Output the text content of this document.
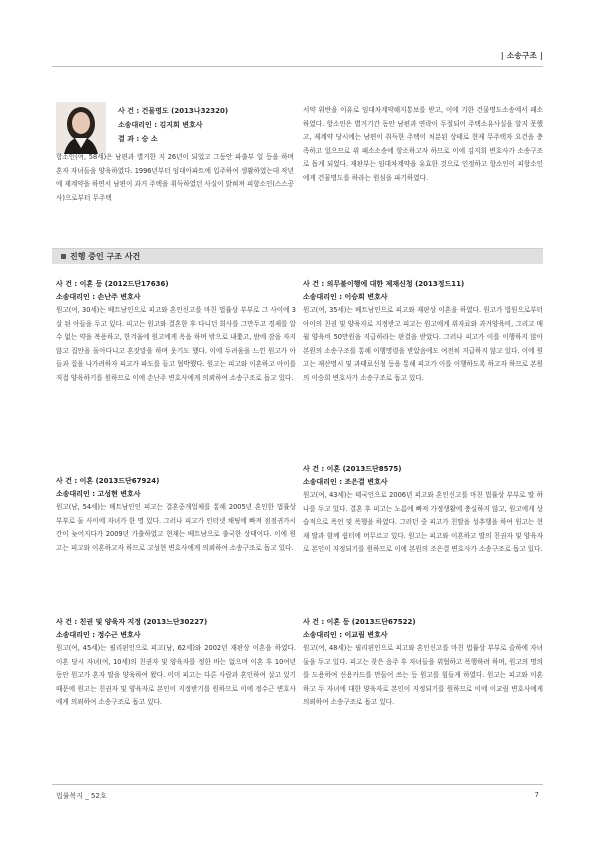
| 소송구조 |
사 건 : 건물명도 (2013나32320)
소송대리인 : 김지희 변호사
결 과 : 승 소
항소인(여, 58세)은 남편과 별거한 지 26년이 되었고 그동안 파출부 일 등을 하며 혼자 자녀들을 양육하였다. 1996년부터 임대아파트에 입주하여 생활하였는데 작년에 재계약을 하면서 남편이 과거 주택을 취득하였던 사실이 밝혀져 피항소인(스스공사)으로부터 무주택
서약 위반을 이유로 임대차계약해지통보를 받고, 이에 기한 건물명도소송에서 패소하였다. 항소인은 별거기간 동안 남편과 연락이 두절되어 주택소유사실을 알지 못했고, 재계약 당시에는 남편이 취득한 주택이 처분된 상태로 현재 무주택자 요건을 충족하고 있으므로 위 패소소송에 항소하고자 하므로 이에 김지희 변호사가 소송구조로 돕게 되었다. 재판부는 임대차계약을 유효한 것으로 인정하고 항소인이 피항소인에게 건물명도를 하라는 원심을 파기하였다.
진행 중인 구조 사건
사 건 : 이혼 등 (2012드단17636)
소송대리인 : 손난주 변호사
원고(여, 30세)는 베트남인으로 피고와 혼인신고를 마친 법률상 부부로 그 사이에 3살 된 아들을 두고 있다. 피고는 원고와 결혼한 후 다니던 회사를 그만두고 경제를 알 수 없는 약을 복용하고, 한겨울에 원고에게 옥을 하며 밖으로 내쫓고, 밤에 잠을 자지 않고 집안을 돌아다니고 혼잣말을 하며 웃기도 했다. 이에 두려움을 느낀 원고가 아들과 집을 나가려하자 피고가 파도를 들고 협박했다. 원고는 피고와 이혼하고 아이를 직접 양육하기를 원하므로 이에 손난주 변호사에게 의뢰하여 소송구조로 돕고 있다.
사 건 : 이혼 (2013드단67924)
소송대리인 : 고성현 변호사
원고(남, 54세)는 베트남인인 피고는 결혼중개업체를 통해 2005년 혼인한 법률상 부부로 둘 사이에 자녀가 한 명 있다. 그러나 피고가 인터넷 채팅에 빠져 점점귀가시간이 늦어지다가 2009년 가출하였고 현재는 베트남으로 출국한 상태이다. 이에 원고는 피고와 이혼하고자 하므로 고성현 변호사에게 의뢰하여 소송구조로 돕고 있다.
사 건 : 친권 및 양육자 지정 (2013느단30227)
소송대리인 : 정수근 변호사
원고(여, 45세)는 필리핀인으로 피고(남, 62세)와 2002년 재판상 이혼을 하였다. 이혼 당시 자녀(여, 10세)의 친권자 및 양육자를 정한 바는 없으며 이혼 후 10여년 동안 원고가 혼자 딸을 양육하여 왔다. 이미 피고는 다른 사람과 혼인하여 살고 있기 때문에 원고는 친권자 및 양육자로 본인이 지정받기를 원하므로 이에 정수근 변호사에게 의뢰하여 소송구조로 돕고 있다.
사 건 : 의무불이행에 대한 제재신청 (2013정드11)
소송대리인 : 이승희 변호사
원고(여, 35세)는 베트남인으로 피고와 재판상 이혼을 하였다. 원고가 법원으로부터 아이의 친권 및 양육자로 지정받고 피고는 원고에게 위자료와 과거양육비, 그리고 매월 양육비 50만원을 지급하라는 판결을 받았다. 그러나 피고가 이를 이행하지 않아 본원의 소송구조를 통해 이행명령을 받았음에도 여전히 지급하지 않고 있다. 이에 원고는 재산명시 및 과태료신청 등을 통해 피고가 이를 이행하도록 하고자 하므로 본원의 이승희 변호사가 소송구조로 돕고 있다.
사 건 : 이혼 (2013드단8575)
소송대리인 : 조은결 변호사
원고(여, 43세)는 태국인으로 2006년 피고와 혼인신고를 마친 법률상 부부로 딸 하나를 두고 있다. 결혼 후 피고는 노름에 빠져 가정생활에 충실하지 않고, 원고에게 상습적으로 폭언 및 폭행을 하였다. 그러던 중 피고가 친딸을 성추행을 하여 원고는 현재 딸과 함께 쉼터에 머무르고 있다. 원고는 피고와 이혼하고 딸의 친권자 및 양육자로 본인이 지정되기를 원하므로 이에 본원의 조은결 변호사가 소송구조로 돕고 있다.
사 건 : 이혼 등 (2013드단67522)
소송대리인 : 이교림 변호사
원고(여, 48세)는 필리핀인으로 피고와 혼인신고를 마친 법률상 부부로 슬하에 자녀 둘을 두고 있다. 피고는 잦은 음주 후 자녀들을 위협하고 폭행하려 하며, 원고의 명의를 도용하여 신용카드를 만들어 쓰는 등 원고를 힘들게 하였다. 원고는 피고와 이혼하고 두 자녀에 대한 양육자로 본인이 지정되기를 원하므로 이에 이교림 변호사에게 의뢰하여 소송구조로 돕고 있다.
법률복지 _ 52호	7
